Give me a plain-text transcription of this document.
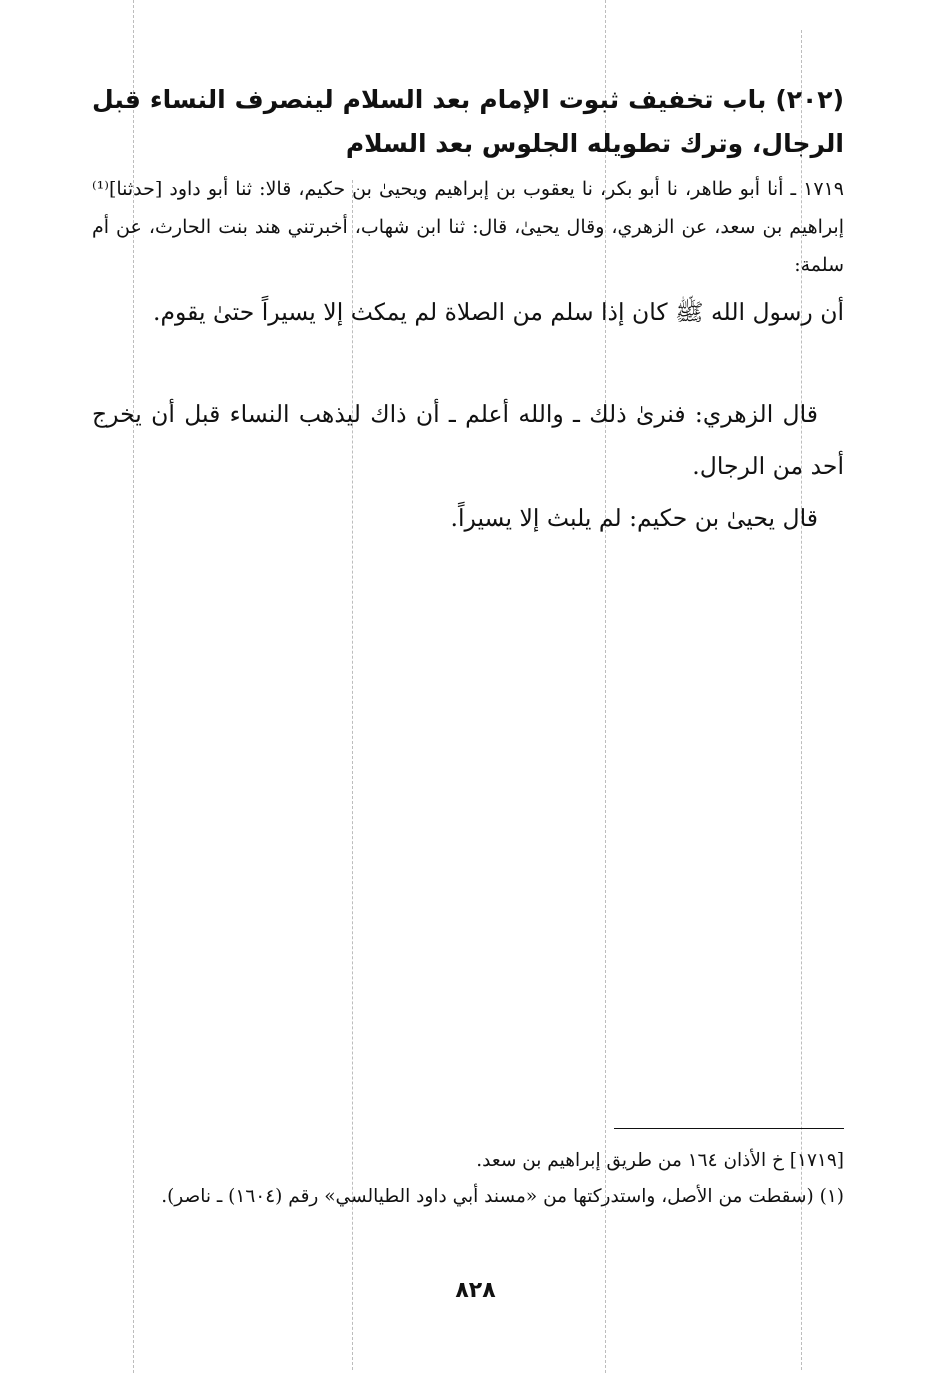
(٢٠٢) باب تخفيف ثبوت الإمام بعد السلام لينصرف النساء قبل الرجال، وترك تطويله الجلوس بعد السلام
١٧١٩ ـ أنا أبو طاهر، نا أبو بكر، نا يعقوب بن إبراهيم ويحيىٰ بن حكيم، قالا: ثنا أبو داود [حدثنا]⁽¹⁾ إبراهيم بن سعد، عن الزهري، وقال يحيىٰ، قال: ثنا ابن شهاب، أخبرتني هند بنت الحارث، عن أم سلمة:
أن رسول الله ﷺ كان إذا سلم من الصلاة لم يمكث إلا يسيراً حتىٰ يقوم.
قال الزهري: فنرىٰ ذلك ـ والله أعلم ـ أن ذاك ليذهب النساء قبل أن يخرج أحد من الرجال.
قال يحيىٰ بن حكيم: لم يلبث إلا يسيراً.
[١٧١٩] خ الأذان ١٦٤ من طريق إبراهيم بن سعد.
(١) (سقطت من الأصل، واستدركتها من «مسند أبي داود الطيالسي» رقم (١٦٠٤) ـ ناصر).
٨٢٨
